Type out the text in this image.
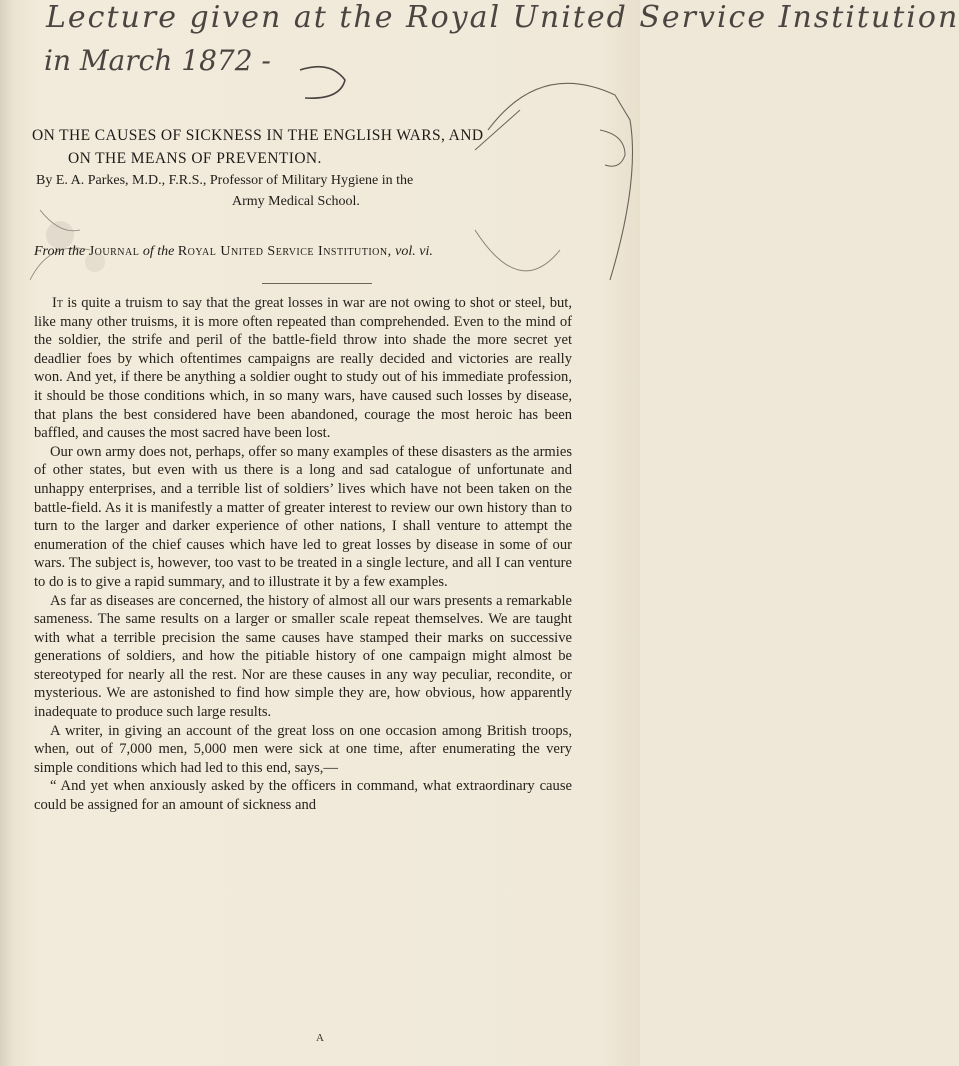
Lecture given at the Royal United Service Institution
in March 1872 -
ON THE CAUSES OF SICKNESS IN THE ENGLISH WARS, AND
ON THE MEANS OF PREVENTION.
By E. A. Parkes, M.D., F.R.S., Professor of Military Hygiene in the
Army Medical School.
From the Journal of the Royal United Service Institution, vol. vi.

It is quite a truism to say that the great losses in war are not owing to shot or steel, but, like many other truisms, it is more often repeated than comprehended. Even to the mind of the soldier, the strife and peril of the battle-field throw into shade the more secret yet deadlier foes by which oftentimes campaigns are really decided and victories are really won. And yet, if there be anything a soldier ought to study out of his immediate profession, it should be those conditions which, in so many wars, have caused such losses by disease, that plans the best considered have been abandoned, courage the most heroic has been baffled, and causes the most sacred have been lost.

Our own army does not, perhaps, offer so many examples of these disasters as the armies of other states, but even with us there is a long and sad catalogue of unfortunate and unhappy enterprises, and a terrible list of soldiers’ lives which have not been taken on the battle-field. As it is manifestly a matter of greater interest to review our own history than to turn to the larger and darker experience of other nations, I shall venture to attempt the enumeration of the chief causes which have led to great losses by disease in some of our wars. The subject is, however, too vast to be treated in a single lecture, and all I can venture to do is to give a rapid summary, and to illustrate it by a few examples.

As far as diseases are concerned, the history of almost all our wars presents a remarkable sameness. The same results on a larger or smaller scale repeat themselves. We are taught with what a terrible precision the same causes have stamped their marks on successive generations of soldiers, and how the pitiable history of one campaign might almost be stereotyped for nearly all the rest. Nor are these causes in any way peculiar, recondite, or mysterious. We are astonished to find how simple they are, how obvious, how apparently inadequate to produce such large results.

A writer, in giving an account of the great loss on one occasion among British troops, when, out of 7,000 men, 5,000 men were sick at one time, after enumerating the very simple conditions which had led to this end, says,—

“ And yet when anxiously asked by the officers in command, what extraordinary cause could be assigned for an amount of sickness and

A
